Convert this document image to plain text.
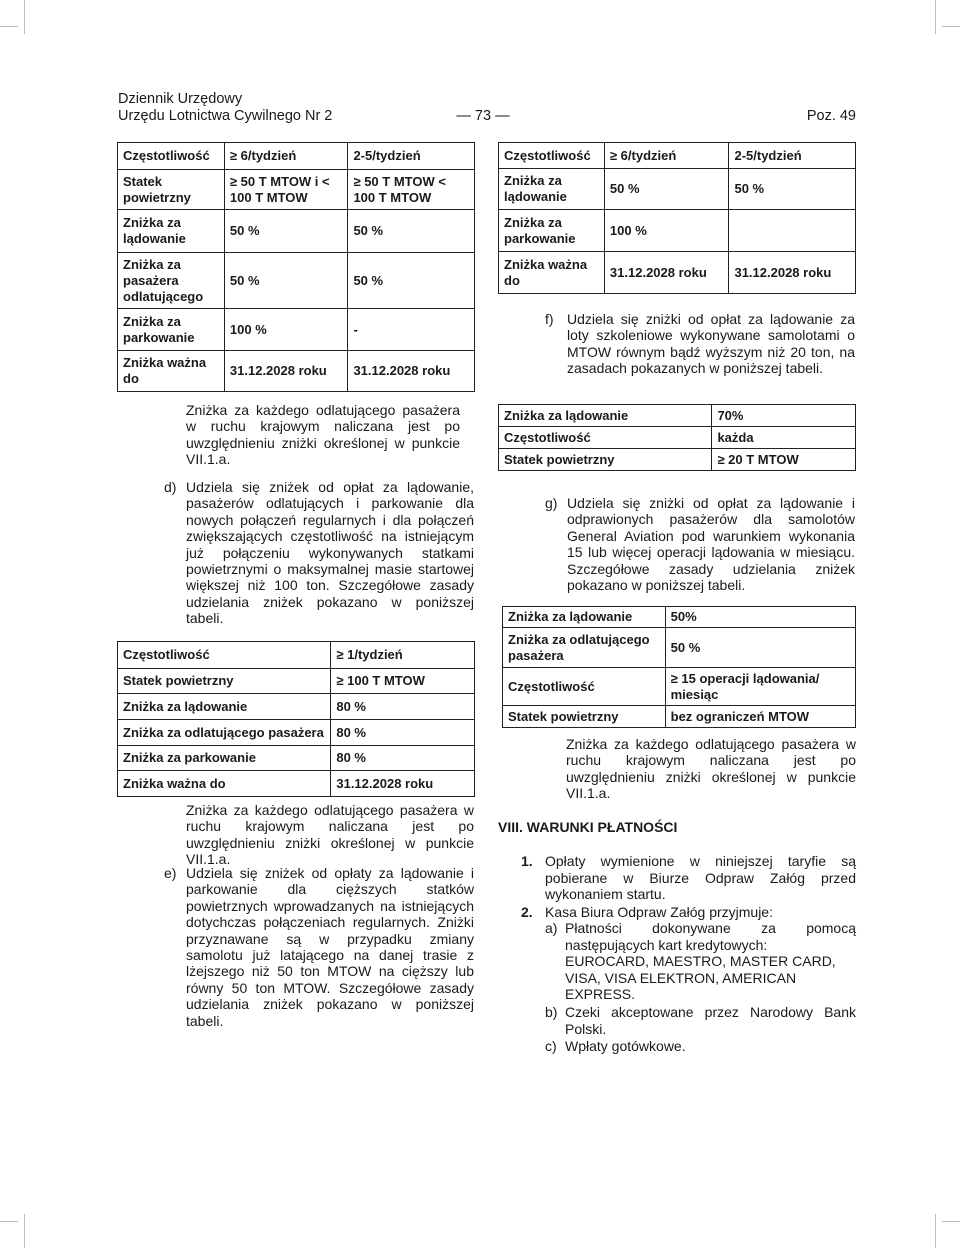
Dziennik Urzędowy
Urzędu Lotnictwa Cywilnego Nr 2	— 73 —	Poz. 49
Częstotliwość	≥ 6/tydzień	2-5/tydzień
Statek powietrzny	≥ 50 T MTOW i < 100 T MTOW	≥ 50 T MTOW < 100 T MTOW
Zniżka za lądowanie	50 %	50 %
Zniżka za pasażera odlatującego	50 %	50 %
Zniżka za parkowanie	100 %	-
Zniżka ważna do	31.12.2028 roku	31.12.2028 roku
Zniżka za każdego odlatującego pasażera w ruchu krajowym naliczana jest po uwzględnieniu zniżki określonej w punkcie VII.1.a.
d) Udziela się zniżek od opłat za lądowanie, pasażerów odlatujących i parkowanie dla nowych połączeń regularnych i dla połączeń zwiększających częstotliwość na istniejącym już połączeniu wykonywanych statkami powietrznymi o maksymalnej masie startowej większej niż 100 ton. Szczegółowe zasady udzielania zniżek pokazano w poniższej tabeli.
Częstotliwość	≥ 1/tydzień
Statek powietrzny	≥ 100 T MTOW
Zniżka za lądowanie	80 %
Zniżka za odlatującego pasażera	80 %
Zniżka za parkowanie	80 %
Zniżka ważna do	31.12.2028 roku
Zniżka za każdego odlatującego pasażera w ruchu krajowym naliczana jest po uwzględnieniu zniżki określonej w punkcie VII.1.a.
e) Udziela się zniżek od opłaty za lądowanie i parkowanie dla cięższych statków powietrznych wprowadzanych na istniejących dotychczas połączeniach regularnych. Zniżki przyznawane są w przypadku zmiany samolotu już latającego na danej trasie z lżejszego niż 50 ton MTOW na cięższy lub równy 50 ton MTOW. Szczegółowe zasady udzielania zniżek pokazano w poniższej tabeli.
Częstotliwość	≥ 6/tydzień	2-5/tydzień
Zniżka za lądowanie	50 %	50 %
Zniżka za parkowanie	100 %	
Zniżka ważna do	31.12.2028 roku	31.12.2028 roku
f) Udziela się zniżki od opłat za lądowanie za loty szkoleniowe wykonywane samolotami o MTOW równym bądź wyższym niż 20 ton, na zasadach pokazanych w poniższej tabeli.
Zniżka za lądowanie	70%
Częstotliwość	każda
Statek powietrzny	≥ 20 T MTOW
g) Udziela się zniżki od opłat za lądowanie i odprawionych pasażerów dla samolotów General Aviation pod warunkiem wykonania 15 lub więcej operacji lądowania w miesiącu. Szczegółowe zasady udzielania zniżek pokazano w poniższej tabeli.
Zniżka za lądowanie	50%
Zniżka za odlatującego pasażera	50 %
Częstotliwość	≥ 15 operacji lądowania/ miesiąc
Statek powietrzny	bez ograniczeń MTOW
Zniżka za każdego odlatującego pasażera w ruchu krajowym naliczana jest po uwzględnieniu zniżki określonej w punkcie VII.1.a.
VIII. WARUNKI PŁATNOŚCI
1. Opłaty wymienione w niniejszej taryfie są pobierane w Biurze Odpraw Załóg przed wykonaniem startu.
2. Kasa Biura Odpraw Załóg przyjmuje:
a) Płatności dokonywane za pomocą następujących kart kredytowych:
EUROCARD, MAESTRO, MASTER CARD, VISA, VISA ELEKTRON, AMERICAN EXPRESS.
b) Czeki akceptowane przez Narodowy Bank Polski.
c) Wpłaty gotówkowe.
